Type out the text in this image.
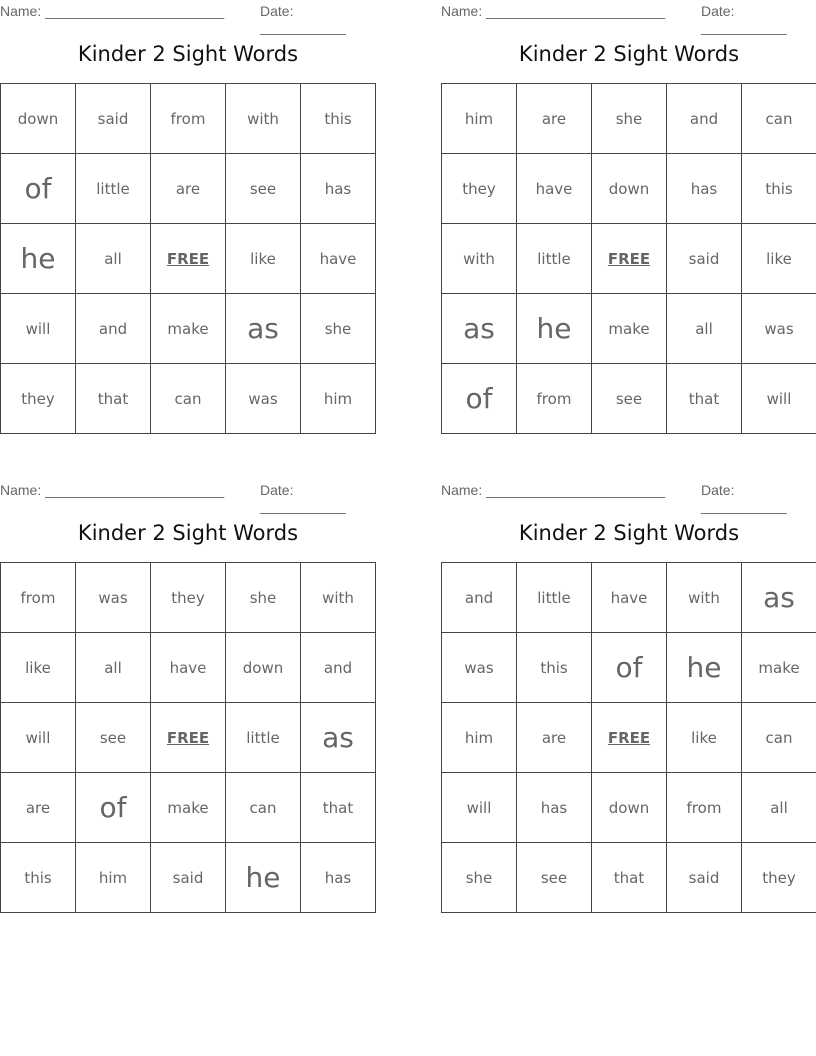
Name: _______________________	Date: ___________
Kinder 2 Sight Words
down	said	from	with	this
of	little	are	see	has
he	all	FREE	like	have
will	and	make	as	she
they	that	can	was	him
Name: _______________________	Date: ___________
Kinder 2 Sight Words
him	are	she	and	can
they	have	down	has	this
with	little	FREE	said	like
as	he	make	all	was
of	from	see	that	will
Name: _______________________	Date: ___________
Kinder 2 Sight Words
from	was	they	she	with
like	all	have	down	and
will	see	FREE	little	as
are	of	make	can	that
this	him	said	he	has
Name: _______________________	Date: ___________
Kinder 2 Sight Words
and	little	have	with	as
was	this	of	he	make
him	are	FREE	like	can
will	has	down	from	all
she	see	that	said	they
